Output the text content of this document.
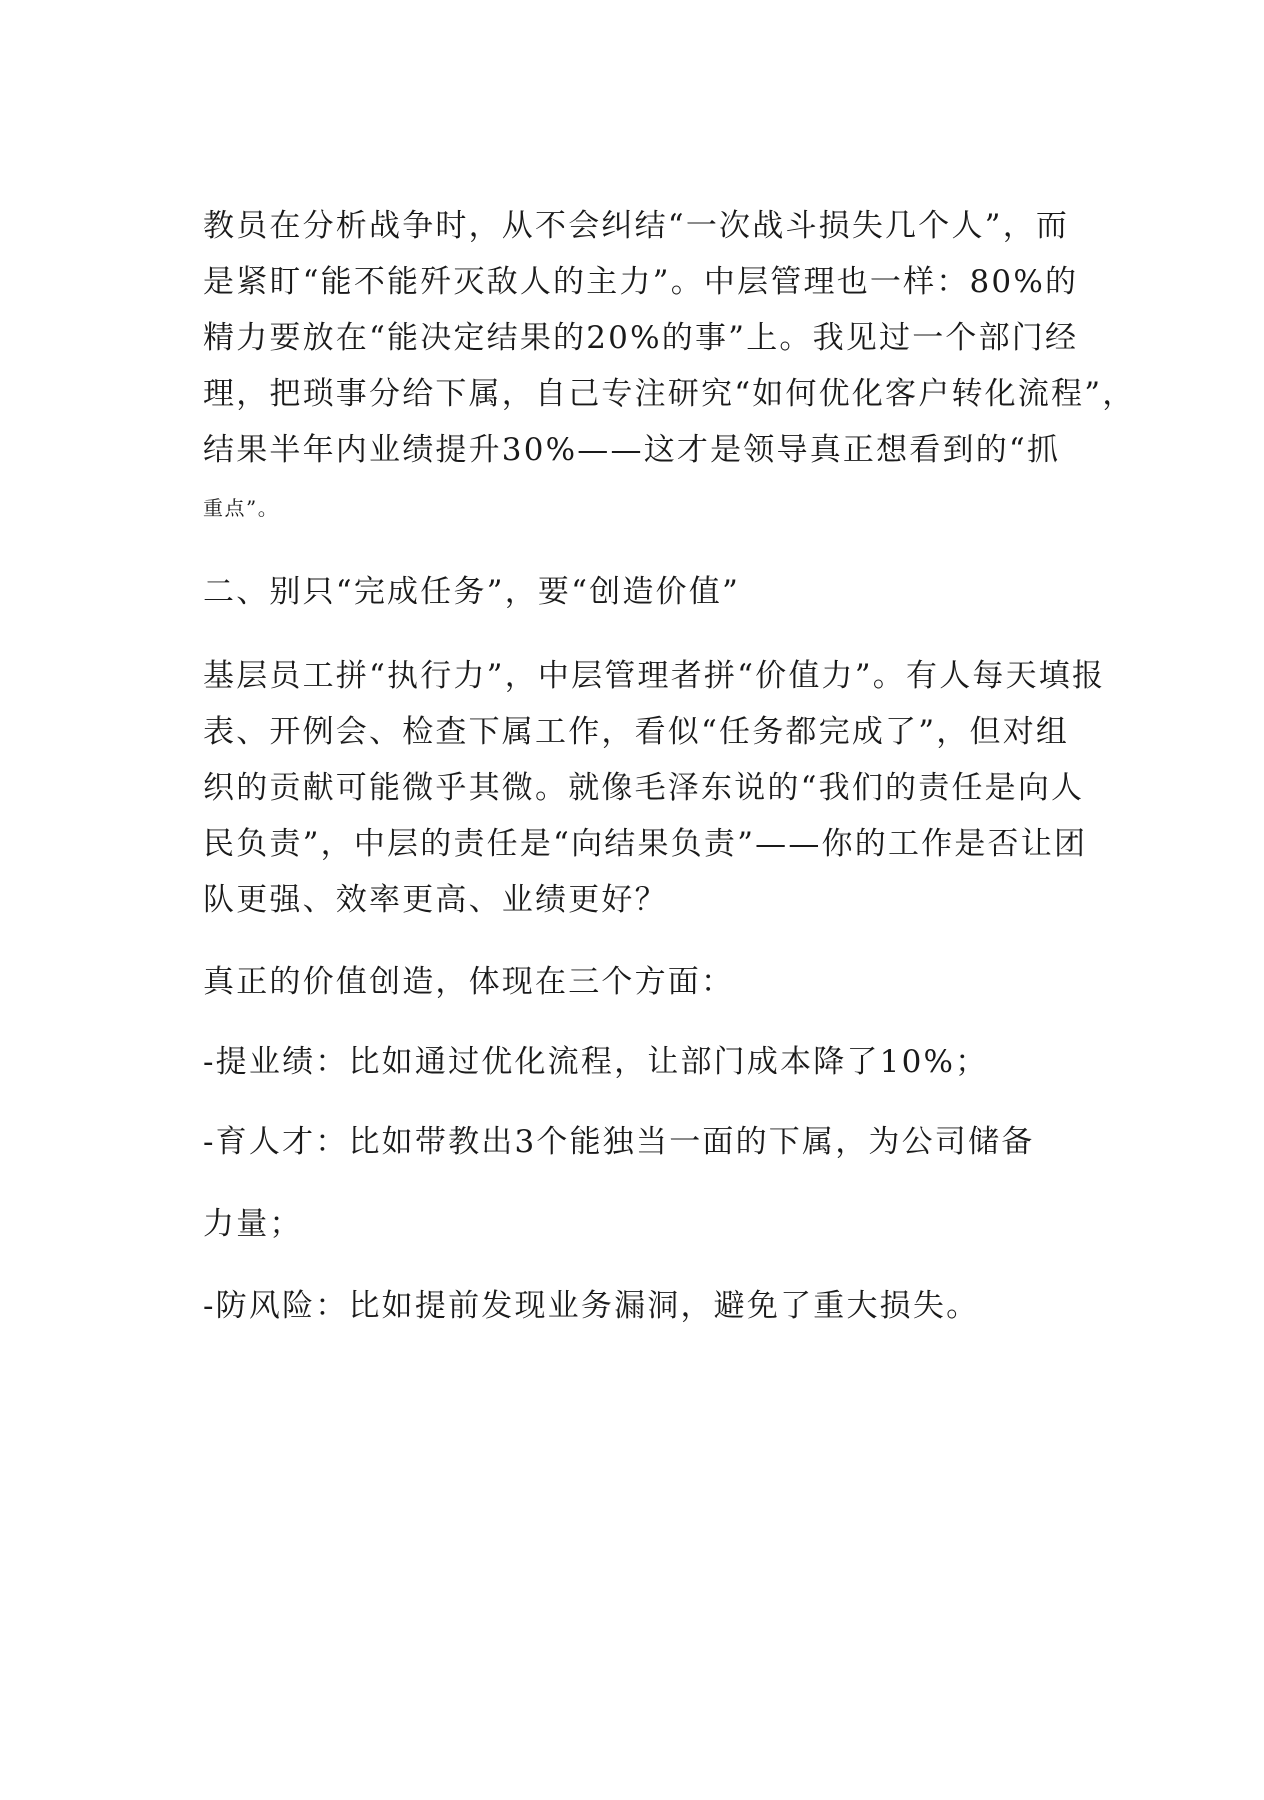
教员在分析战争时，从不会纠结“一次战斗损失几个人”，而

是紧盯“能不能歼灭敌人的主力”。中层管理也一样：80%的

精力要放在“能决定结果的20%的事”上。我见过一个部门经

理，把琐事分给下属，自己专注研究“如何优化客户转化流程”，

结果半年内业绩提升30%——这才是领导真正想看到的“抓

重点”。

二、别只“完成任务”，要“创造价值”

基层员工拼“执行力”，中层管理者拼“价值力”。有人每天填报

表、开例会、检查下属工作，看似“任务都完成了”，但对组

织的贡献可能微乎其微。就像毛泽东说的“我们的责任是向人

民负责”，中层的责任是“向结果负责”——你的工作是否让团

队更强、效率更高、业绩更好？

真正的价值创造，体现在三个方面：

-提业绩：比如通过优化流程，让部门成本降了10%；

-育人才：比如带教出3个能独当一面的下属，为公司储备

力量；

-防风险：比如提前发现业务漏洞，避免了重大损失。
